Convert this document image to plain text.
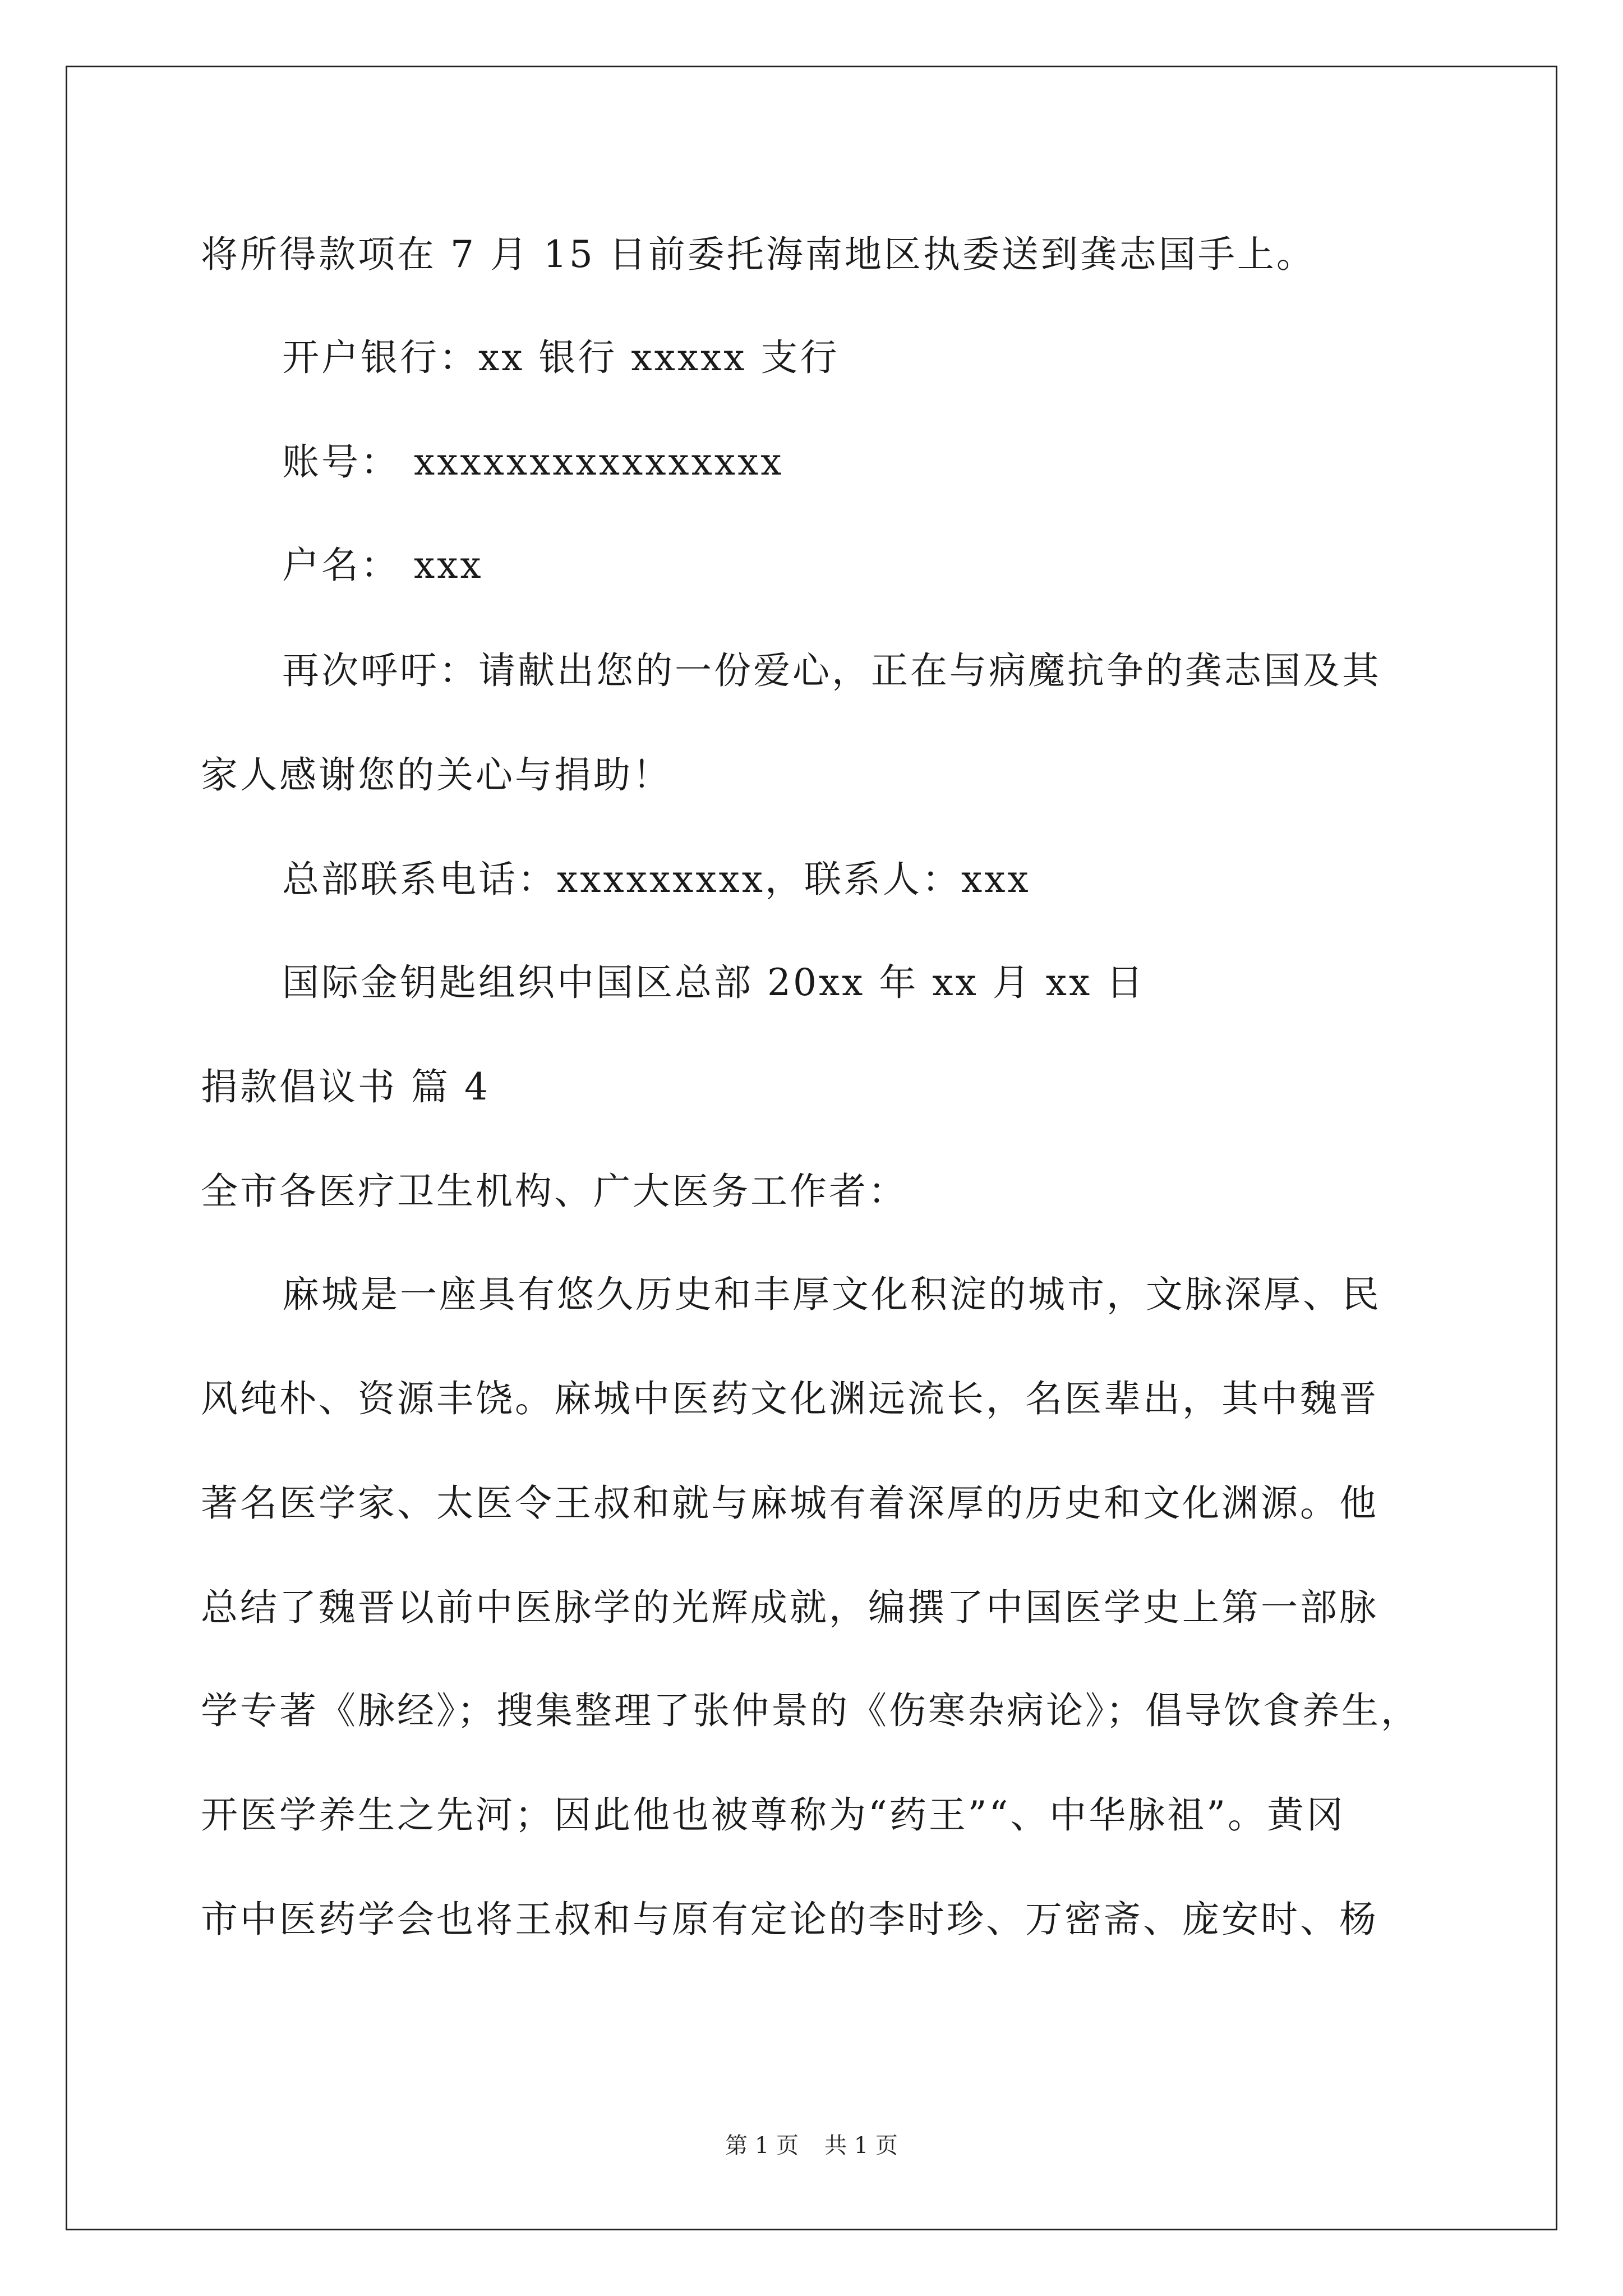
将所得款项在 7 月 15 日前委托海南地区执委送到龚志国手上。
开户银行：xx 银行 xxxxx 支行
账号： xxxxxxxxxxxxxxxx
户名： xxx
再次呼吁：请献出您的一份爱心，正在与病魔抗争的龚志国及其
家人感谢您的关心与捐助！
总部联系电话：xxxxxxxxx，联系人：xxx
国际金钥匙组织中国区总部 20xx 年 xx 月 xx 日
捐款倡议书 篇 4
全市各医疗卫生机构、广大医务工作者：
麻城是一座具有悠久历史和丰厚文化积淀的城市，文脉深厚、民
风纯朴、资源丰饶。麻城中医药文化渊远流长，名医辈出，其中魏晋
著名医学家、太医令王叔和就与麻城有着深厚的历史和文化渊源。他
总结了魏晋以前中医脉学的光辉成就，编撰了中国医学史上第一部脉
学专著《脉经》；搜集整理了张仲景的《伤寒杂病论》；倡导饮食养生，
开医学养生之先河；因此他也被尊称为“药王”“、中华脉祖”。黄冈
市中医药学会也将王叔和与原有定论的李时珍、万密斋、庞安时、杨
第 1 页 共 1 页
